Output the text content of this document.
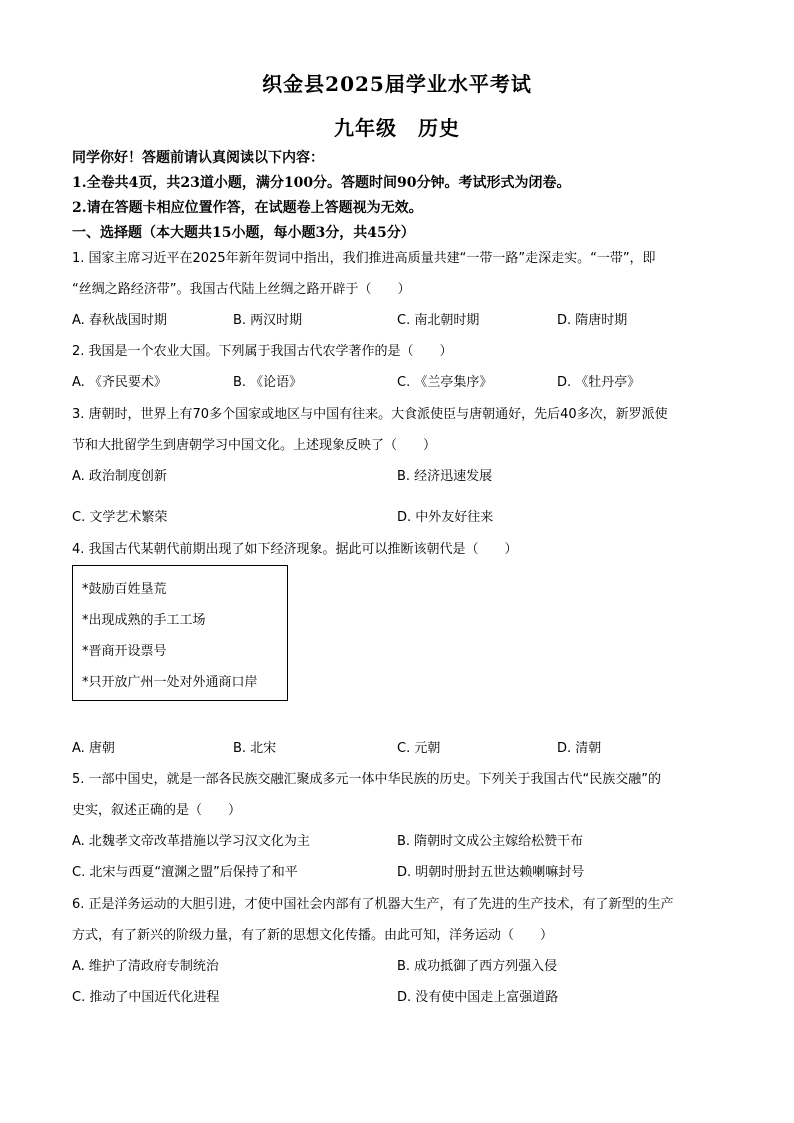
织金县2025届学业水平考试
九年级　历史
同学你好！答题前请认真阅读以下内容：
1.全卷共4页，共23道小题，满分100分。答题时间90分钟。考试形式为闭卷。
2.请在答题卡相应位置作答，在试题卷上答题视为无效。
一、选择题（本大题共15小题，每小题3分，共45分）
1. 国家主席习近平在2025年新年贺词中指出，我们推进高质量共建“一带一路”走深走实。“一带”，即
“丝绸之路经济带”。我国古代陆上丝绸之路开辟于（　　）
A. 春秋战国时期	B. 两汉时期	C. 南北朝时期	D. 隋唐时期
2. 我国是一个农业大国。下列属于我国古代农学著作的是（　　）
A. 《齐民要术》	B. 《论语》	C. 《兰亭集序》	D. 《牡丹亭》
3. 唐朝时，世界上有70多个国家或地区与中国有往来。大食派使臣与唐朝通好，先后40多次，新罗派使
节和大批留学生到唐朝学习中国文化。上述现象反映了（　　）
A. 政治制度创新	B. 经济迅速发展
C. 文学艺术繁荣	D. 中外友好往来
4. 我国古代某朝代前期出现了如下经济现象。据此可以推断该朝代是（　　）
*鼓励百姓垦荒
*出现成熟的手工工场
*晋商开设票号
*只开放广州一处对外通商口岸
A. 唐朝	B. 北宋	C. 元朝	D. 清朝
5. 一部中国史，就是一部各民族交融汇聚成多元一体中华民族的历史。下列关于我国古代“民族交融”的
史实，叙述正确的是（　　）
A. 北魏孝文帝改革措施以学习汉文化为主	B. 隋朝时文成公主嫁给松赞干布
C. 北宋与西夏“澶渊之盟”后保持了和平	D. 明朝时册封五世达赖喇嘛封号
6. 正是洋务运动的大胆引进，才使中国社会内部有了机器大生产，有了先进的生产技术，有了新型的生产
方式，有了新兴的阶级力量，有了新的思想文化传播。由此可知，洋务运动（　　）
A. 维护了清政府专制统治	B. 成功抵御了西方列强入侵
C. 推动了中国近代化进程	D. 没有使中国走上富强道路
